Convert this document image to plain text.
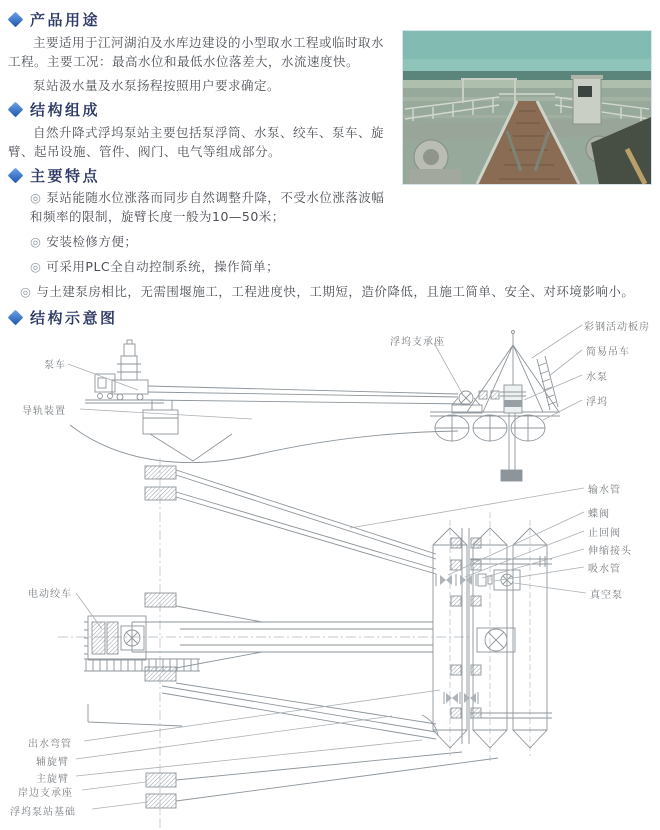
产品用途

主要适用于江河湖泊及水库边建设的小型取水工程或临时取水工程。主要工况：最高水位和最低水位落差大，水流速度快。

泵站汲水量及水泵扬程按照用户要求确定。

结构组成

自然升降式浮坞泵站主要包括泵浮筒、水泵、绞车、泵车、旋臂、起吊设施、管件、阀门、电气等组成部分。

主要特点
◎ 泵站能随水位涨落而同步自然调整升降，不受水位涨落波幅和频率的限制，旋臂长度一般为10—50米；
◎ 安装检修方便；
◎ 可采用PLC全自动控制系统，操作简单；
◎ 与土建泵房相比，无需围堰施工，工程进度快，工期短，造价降低，且施工简单、安全、对环境影响小。
结构示意图
泵车
导轨装置
浮坞支承座
彩钢活动板房
简易吊车
水泵
浮坞
电动绞车
输水管
蝶阀
止回阀
伸缩接头
吸水管
真空泵
出水弯管
辅旋臂
主旋臂
岸边支承座
浮坞泵站基础
